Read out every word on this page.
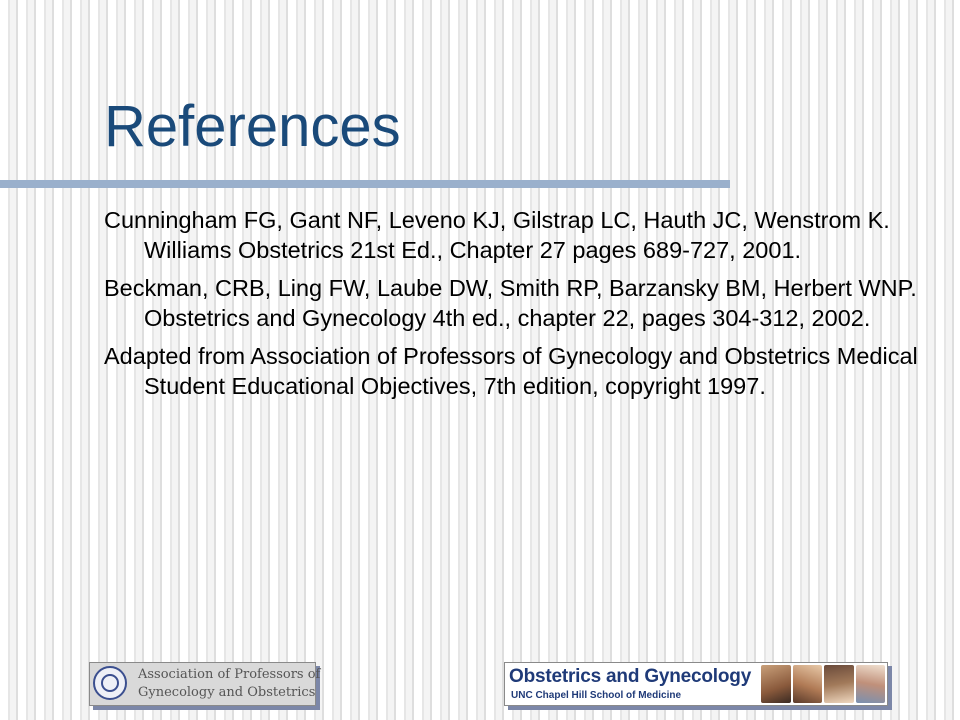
References
Cunningham FG, Gant NF, Leveno KJ, Gilstrap LC, Hauth JC, Wenstrom K. Williams Obstetrics 21st Ed., Chapter 27 pages 689-727, 2001.
Beckman, CRB, Ling FW, Laube DW, Smith RP, Barzansky BM, Herbert WNP. Obstetrics and Gynecology 4th ed., chapter 22, pages 304-312, 2002.
Adapted from Association of Professors of Gynecology and Obstetrics Medical Student Educational Objectives, 7th edition, copyright 1997.
Association of Professors of
Gynecology and Obstetrics
Obstetrics and Gynecology
UNC Chapel Hill School of Medicine
